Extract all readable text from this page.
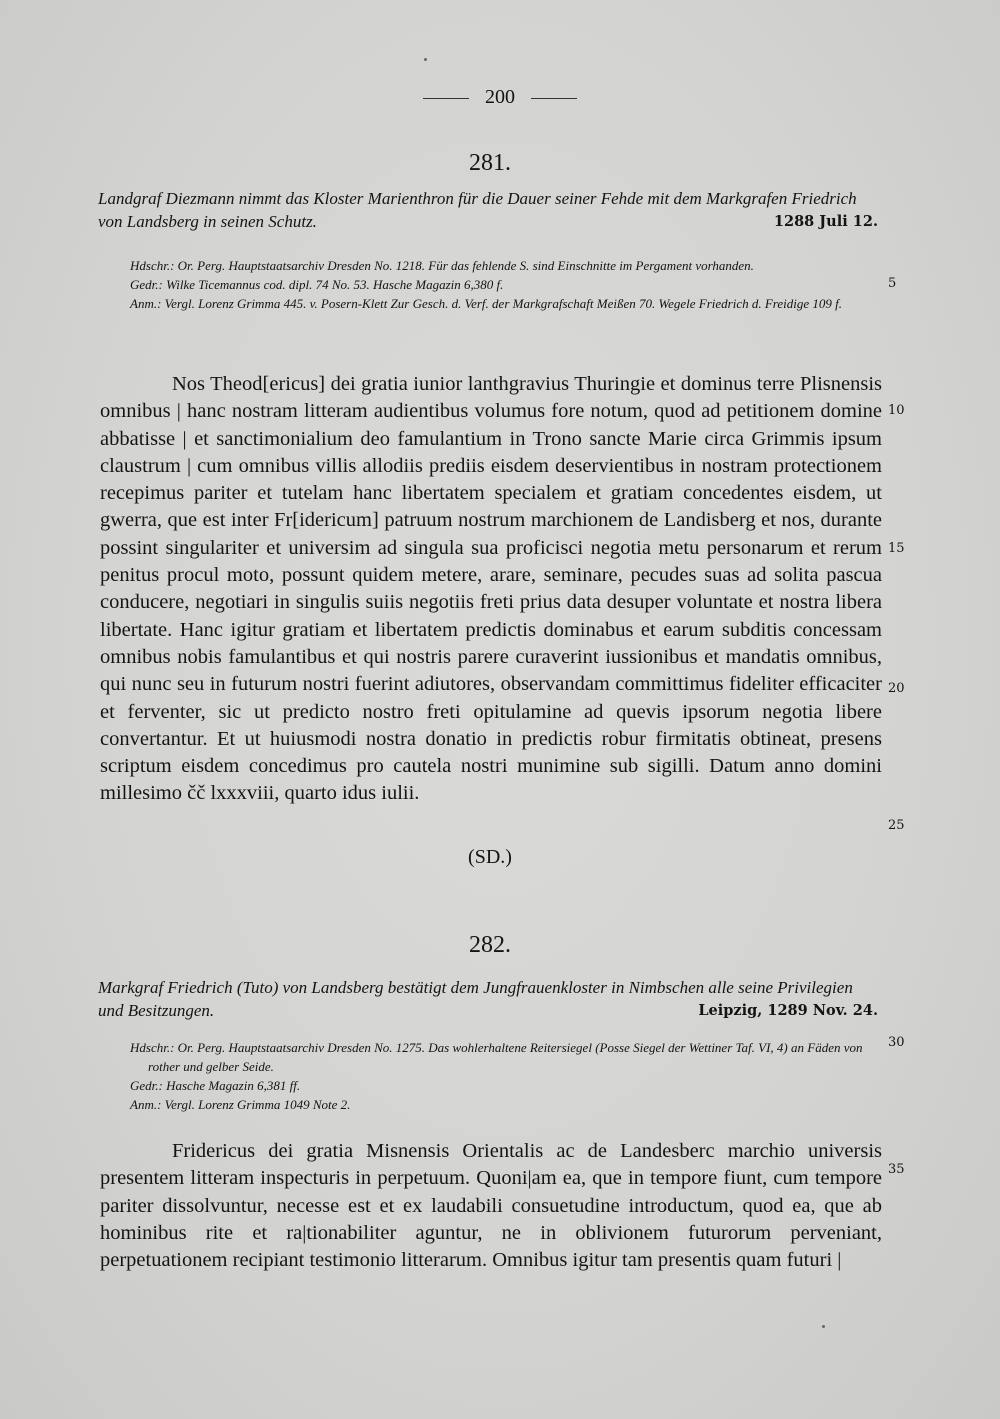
200
281.
Landgraf Diezmann nimmt das Kloster Marienthron für die Dauer seiner Fehde mit dem Markgrafen Friedrich von Landsberg in seinen Schutz.	1288 Juli 12.
Hdschr.: Or. Perg. Hauptstaatsarchiv Dresden No. 1218. Für das fehlende S. sind Einschnitte im Pergament vorhanden.
Gedr.: Wilke Ticemannus cod. dipl. 74 No. 53. Hasche Magazin 6,380 f.
Anm.: Vergl. Lorenz Grimma 445. v. Posern-Klett Zur Gesch. d. Verf. der Markgrafschaft Meißen 70. Wegele Friedrich d. Freidige 109 f.
Nos Theod[ericus] dei gratia iunior lanthgravius Thuringie et dominus terre Plisnensis omnibus | hanc nostram litteram audientibus volumus fore notum, quod ad petitionem domine abbatisse | et sanctimonialium deo famulantium in Trono sancte Marie circa Grimmis ipsum claustrum | cum omnibus villis allodiis prediis eisdem deservientibus in nostram protectionem recepimus pariter et tutelam hanc libertatem specialem et gratiam concedentes eisdem, ut gwerra, que est inter Fr[idericum] patruum nostrum marchionem de Landisberg et nos, durante possint singulariter et universim ad singula sua proficisci negotia metu personarum et rerum penitus procul moto, possunt quidem metere, arare, seminare, pecudes suas ad solita pascua conducere, negotiari in singulis suiis negotiis freti prius data desuper voluntate et nostra libera libertate. Hanc igitur gratiam et libertatem predictis dominabus et earum subditis concessam omnibus nobis famulantibus et qui nostris parere curaverint iussionibus et mandatis omnibus, qui nunc seu in futurum nostri fuerint adiutores, observandam committimus fideliter efficaciter et ferventer, sic ut predicto nostro freti opitulamine ad quevis ipsorum negotia libere convertantur. Et ut huiusmodi nostra donatio in predictis robur firmitatis obtineat, presens scriptum eisdem concedimus pro cautela nostri munimine sub sigilli. Datum anno domini millesimo čč lxxxviii, quarto idus iulii.
(SD.)
282.
Markgraf Friedrich (Tuto) von Landsberg bestätigt dem Jungfrauenkloster in Nimbschen alle seine Privilegien und Besitzungen.	Leipzig, 1289 Nov. 24.
Hdschr.: Or. Perg. Hauptstaatsarchiv Dresden No. 1275. Das wohlerhaltene Reitersiegel (Posse Siegel der Wettiner Taf. VI, 4) an Fäden von rother und gelber Seide.
Gedr.: Hasche Magazin 6,381 ff.
Anm.: Vergl. Lorenz Grimma 1049 Note 2.
Fridericus dei gratia Misnensis Orientalis ac de Landesberc marchio universis presentem litteram inspecturis in perpetuum. Quoni|am ea, que in tempore fiunt, cum tempore pariter dissolvuntur, necesse est et ex laudabili consuetudine introductum, quod ea, que ab hominibus rite et ra|tionabiliter aguntur, ne in oblivionem futurorum perveniant, perpetuationem recipiant testimonio litterarum. Omnibus igitur tam presentis quam futuri |
5
10
15
20
25
30
35
